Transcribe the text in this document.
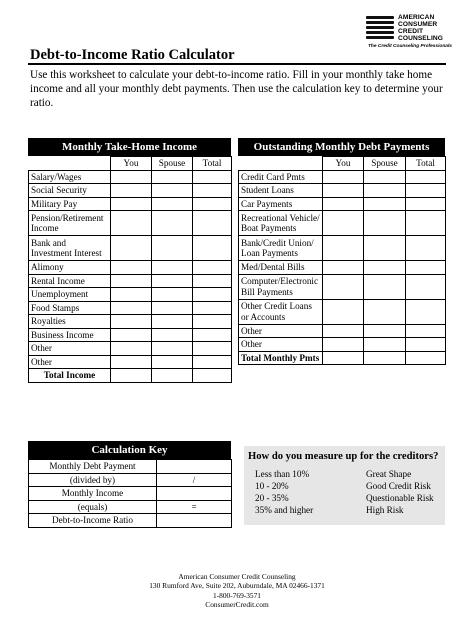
AMERICAN
CONSUMER
CREDIT
COUNSELING
The Credit Counseling Professionals
Debt-to-Income Ratio Calculator
Use this worksheet to calculate your debt-to-income ratio. Fill in your monthly take home income and all your monthly debt payments. Then use the calculation key to determine your ratio.
Monthly Take-Home Income
	You	Spouse	Total
Salary/Wages			
Social Security			
Military Pay			
Pension/Retirement Income			
Bank and Investment Interest			
Alimony			
Rental Income			
Unemployment			
Food Stamps			
Royalties			
Business Income			
Other			
Other			
Total Income			
Outstanding Monthly Debt Payments
	You	Spouse	Total
Credit Card Pmts			
Student Loans			
Car Payments			
Recreational Vehicle/ Boat Payments			
Bank/Credit Union/ Loan Payments			
Med/Dental Bills			
Computer/Electronic Bill Payments			
Other Credit Loans or Accounts			
Other			
Other			
Total Monthly Pmts			
Calculation Key
Monthly Debt Payment	
(divided by)	/
Monthly Income	
(equals)	=
Debt-to-Income Ratio	
How do you measure up for the creditors?
Less than 10%	Great Shape
10 - 20%	Good Credit Risk
20 - 35%	Questionable Risk
35% and higher	High Risk
American Consumer Credit Counseling
130 Rumford Ave, Suite 202, Auburndale, MA 02466-1371
1-800-769-3571
ConsumerCredit.com
